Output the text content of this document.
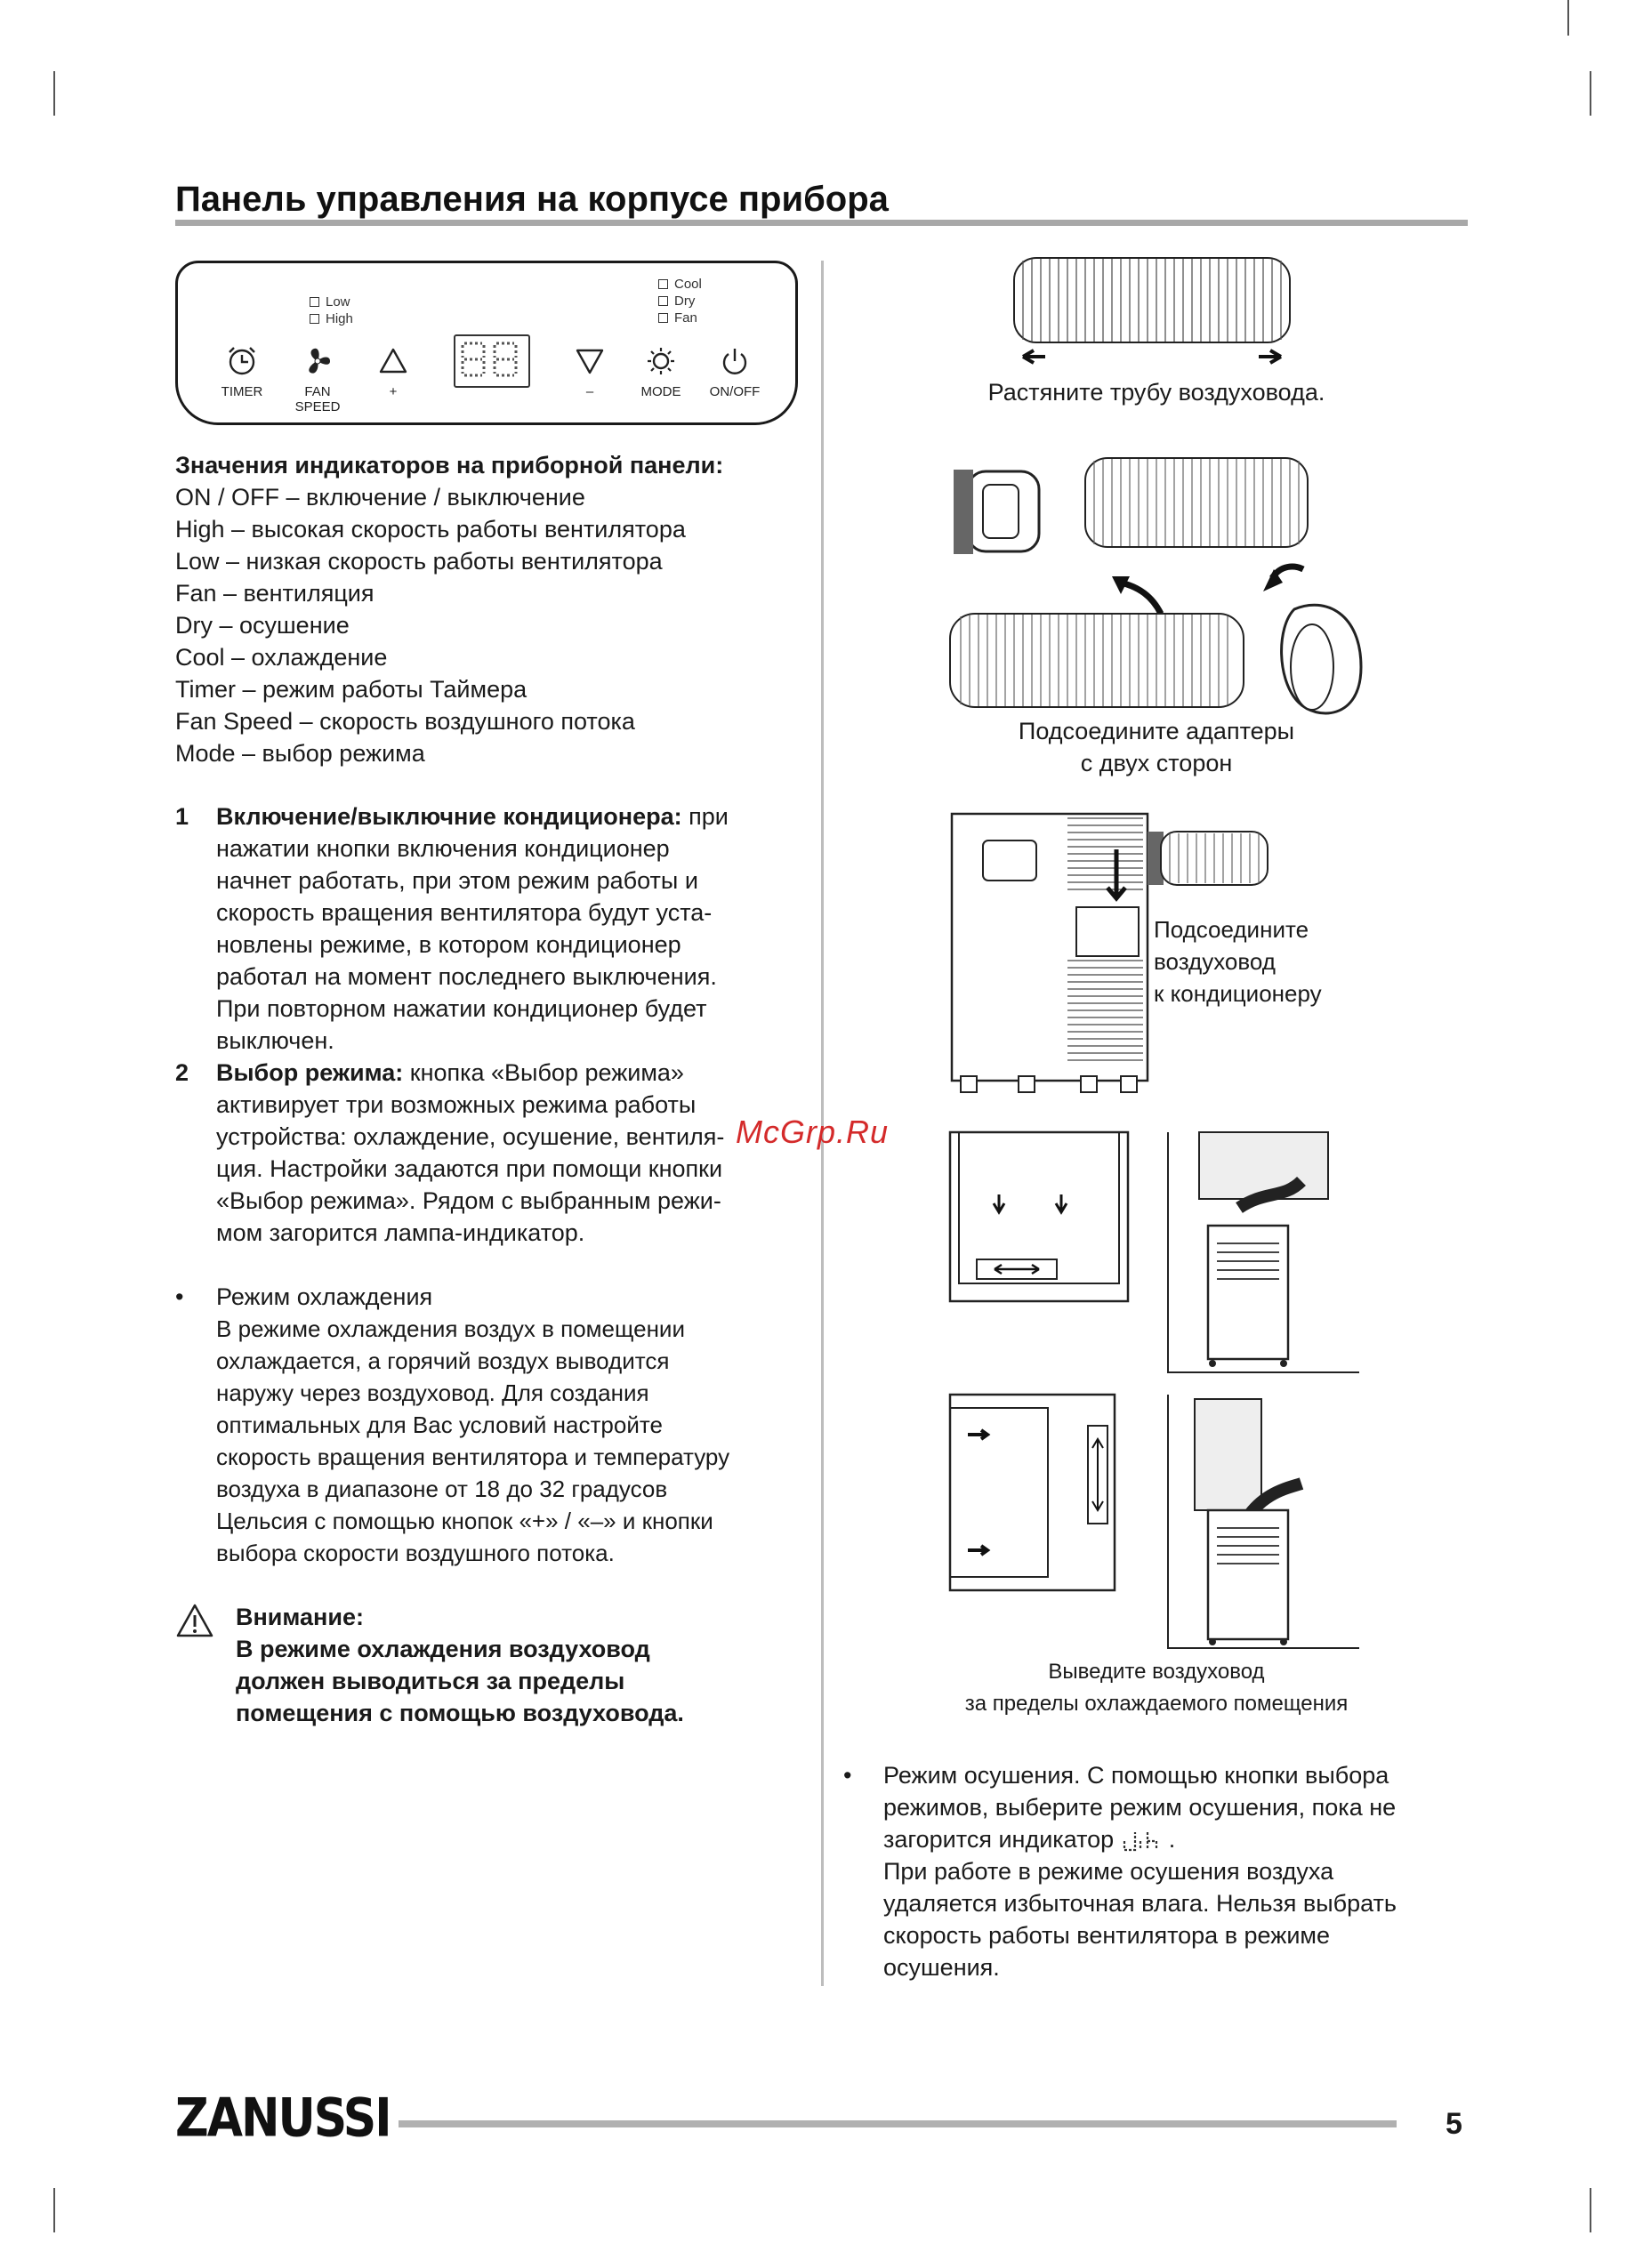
Панель управления на корпусе прибора
Low
High
Cool
Dry
Fan
TIMER	FAN
SPEED
+	–	MODE	ON/OFF
Значения индикаторов на приборной панели:
ON / OFF – включение / выключение
High – высокая скорость работы вентилятора
Low – низкая скорость работы вентилятора
Fan – вентиляция
Dry – осушение
Cool – охлаждение
Timer – режим работы Таймера
Fan Speed – скорость воздушного потока
Mode – выбор режима
1	Включение/выключние кондиционера: при
нажатии кнопки включения кондиционер
начнет работать, при этом режим работы и
скорость вращения вентилятора будут уста-
новлены режиме, в котором кондиционер
работал на момент последнего выключения.
При повторном нажатии кондиционер будет
выключен.
2	Выбор режима: кнопка «Выбор режима»
активирует три возможных режима работы
устройства: охлаждение, осушение, вентиля-
ция. Настройки задаются при помощи кнопки
«Выбор режима». Рядом с выбранным режи-
мом загорится лампа-индикатор.
•	Режим охлаждения
В режиме охлаждения воздух в помещении
охлаждается, а горячий воздух выводится
наружу через воздуховод. Для создания
оптимальных для Вас условий настройте
скорость вращения вентилятора и температуру
воздуха в диапазоне от 18 до 32 градусов
Цельсия с помощью кнопок «+» / «–» и кнопки
выбора скорости воздушного потока.
Внимание:
В режиме охлаждения воздуховод
должен выводиться за пределы
помещения с помощью воздуховода.
Растяните трубу воздуховода.
Подсоедините адаптеры
с двух сторон
Подсоедините
воздуховод
к кондиционеру
McGrp.Ru
Выведите воздуховод
за пределы охлаждаемого помещения
•	Режим осушения. С помощью кнопки выбора
режимов, выберите режим осушения, пока не
загорится индикатор .
При работе в режиме осушения воздуха
удаляется избыточная влага. Нельзя выбрать
скорость работы вентилятора в режиме
осушения.
ZANUSSI	5
